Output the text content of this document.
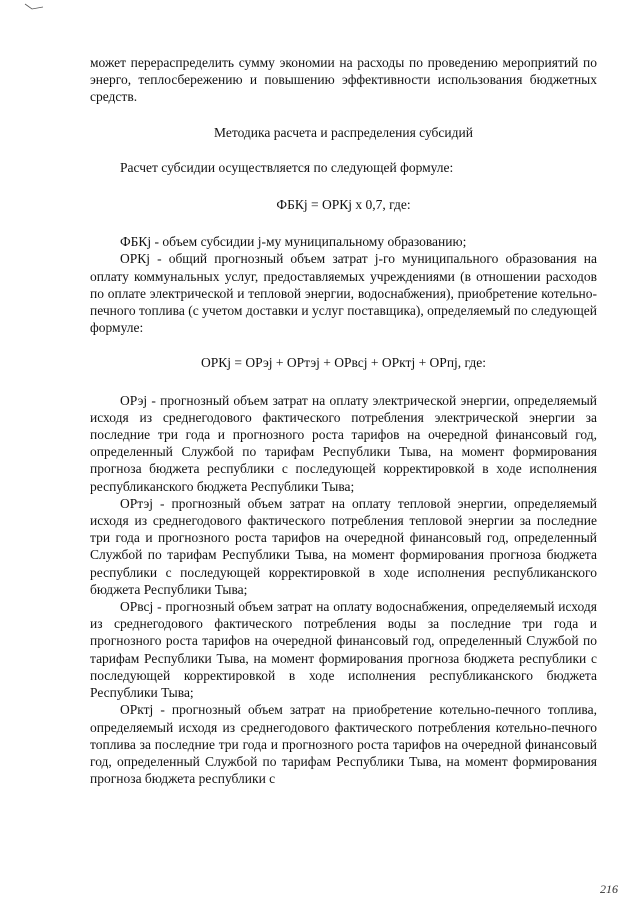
может перераспределить сумму экономии на расходы по проведению мероприятий по энерго, теплосбережению и повышению эффективности использования бюджетных средств.

Методика расчета и распределения субсидий

Расчет субсидии осуществляется по следующей формуле:

ФБКj = ОРКj х 0,7, где:

ФБКj - объем субсидии j-му муниципальному образованию;

ОРКj - общий прогнозный объем затрат j-го муниципального образования на оплату коммунальных услуг, предоставляемых учреждениями (в отношении расходов по оплате электрической и тепловой энергии, водоснабжения), приобретение котельно-печного топлива (с учетом доставки и услуг поставщика), определяемый по следующей формуле:

ОРКj = ОРэj + ОРтэj + ОРвсj + ОРктj + ОРпj, где:

ОРэj - прогнозный объем затрат на оплату электрической энергии, определяемый исходя из среднегодового фактического потребления электрической энергии за последние три года и прогнозного роста тарифов на очередной финансовый год, определенный Службой по тарифам Республики Тыва, на момент формирования прогноза бюджета республики с последующей корректировкой в ходе исполнения республиканского бюджета Республики Тыва;

ОРтэj - прогнозный объем затрат на оплату тепловой энергии, определяемый исходя из среднегодового фактического потребления тепловой энергии за последние три года и прогнозного роста тарифов на очередной финансовый год, определенный Службой по тарифам Республики Тыва, на момент формирования прогноза бюджета республики с последующей корректировкой в ходе исполнения республиканского бюджета Республики Тыва;

ОРвсj - прогнозный объем затрат на оплату водоснабжения, определяемый исходя из среднегодового фактического потребления воды за последние три года и прогнозного роста тарифов на очередной финансовый год, определенный Службой по тарифам Республики Тыва, на момент формирования прогноза бюджета республики с последующей корректировкой в ходе исполнения республиканского бюджета Республики Тыва;

ОРктj - прогнозный объем затрат на приобретение котельно-печного топлива, определяемый исходя из среднегодового фактического потребления котельно-печного топлива за последние три года и прогнозного роста тарифов на очередной финансовый год, определенный Службой по тарифам Республики Тыва, на момент формирования прогноза бюджета республики с

216
